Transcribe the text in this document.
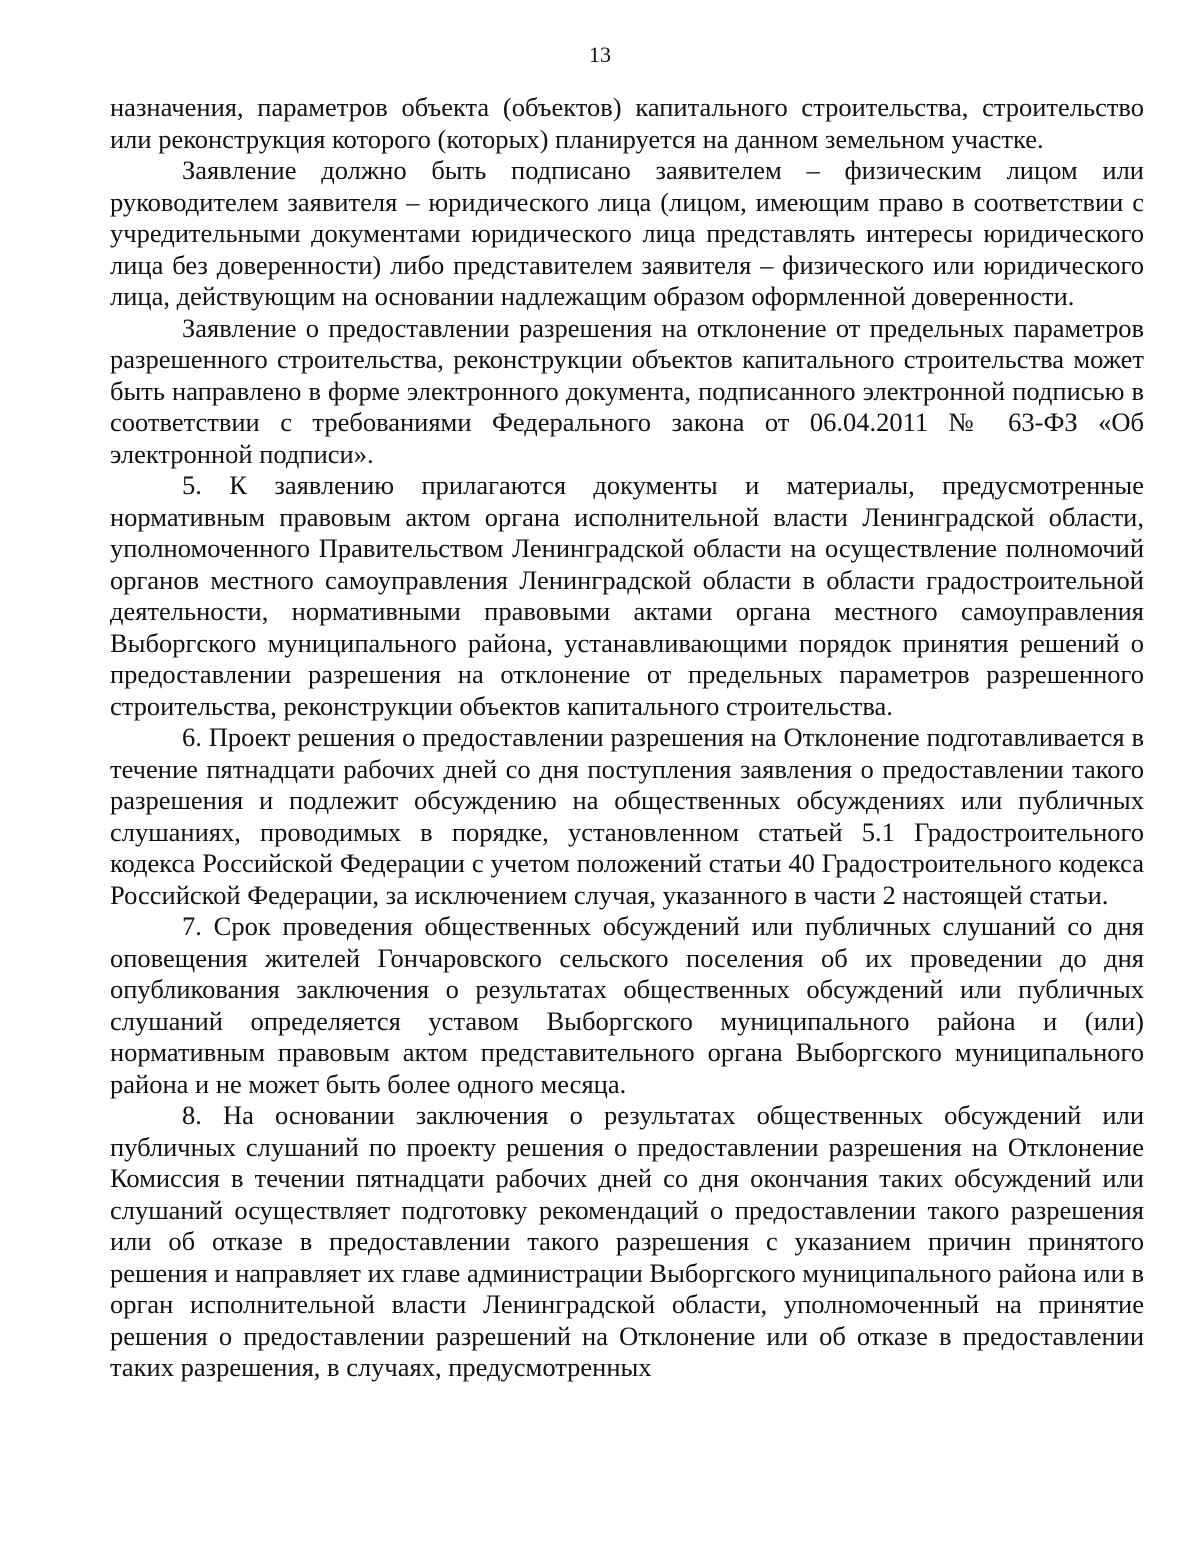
13

назначения, параметров объекта (объектов) капитального строительства, строительство или реконструкция которого (которых) планируется на данном земельном участке.

Заявление должно быть подписано заявителем – физическим лицом или руководителем заявителя – юридического лица (лицом, имеющим право в соответствии с учредительными документами юридического лица представлять интересы юридического лица без доверенности) либо представителем заявителя – физического или юридического лица, действующим на основании надлежащим образом оформленной доверенности.

Заявление о предоставлении разрешения на отклонение от предельных параметров разрешенного строительства, реконструкции объектов капитального строительства может быть направлено в форме электронного документа, подписанного электронной подписью в соответствии с требованиями Федерального закона от 06.04.2011 № 63-ФЗ «Об электронной подписи».

5. К заявлению прилагаются документы и материалы, предусмотренные нормативным правовым актом органа исполнительной власти Ленинградской области, уполномоченного Правительством Ленинградской области на осуществление полномочий органов местного самоуправления Ленинградской области в области градостроительной деятельности, нормативными правовыми актами органа местного самоуправления Выборгского муниципального района, устанавливающими порядок принятия решений о предоставлении разрешения на отклонение от предельных параметров разрешенного строительства, реконструкции объектов капитального строительства.

6. Проект решения о предоставлении разрешения на Отклонение подготавливается в течение пятнадцати рабочих дней со дня поступления заявления о предоставлении такого разрешения и подлежит обсуждению на общественных обсуждениях или публичных слушаниях, проводимых в порядке, установленном статьей 5.1 Градостроительного кодекса Российской Федерации с учетом положений статьи 40 Градостроительного кодекса Российской Федерации, за исключением случая, указанного в части 2 настоящей статьи.

7. Срок проведения общественных обсуждений или публичных слушаний со дня оповещения жителей Гончаровского сельского поселения об их проведении до дня опубликования заключения о результатах общественных обсуждений или публичных слушаний определяется уставом Выборгского муниципального района и (или) нормативным правовым актом представительного органа Выборгского муниципального района и не может быть более одного месяца.

8. На основании заключения о результатах общественных обсуждений или публичных слушаний по проекту решения о предоставлении разрешения на Отклонение Комиссия в течении пятнадцати рабочих дней со дня окончания таких обсуждений или слушаний осуществляет подготовку рекомендаций о предоставлении такого разрешения или об отказе в предоставлении такого разрешения с указанием причин принятого решения и направляет их главе администрации Выборгского муниципального района или в орган исполнительной власти Ленинградской области, уполномоченный на принятие решения о предоставлении разрешений на Отклонение или об отказе в предоставлении таких разрешения, в случаях, предусмотренных
